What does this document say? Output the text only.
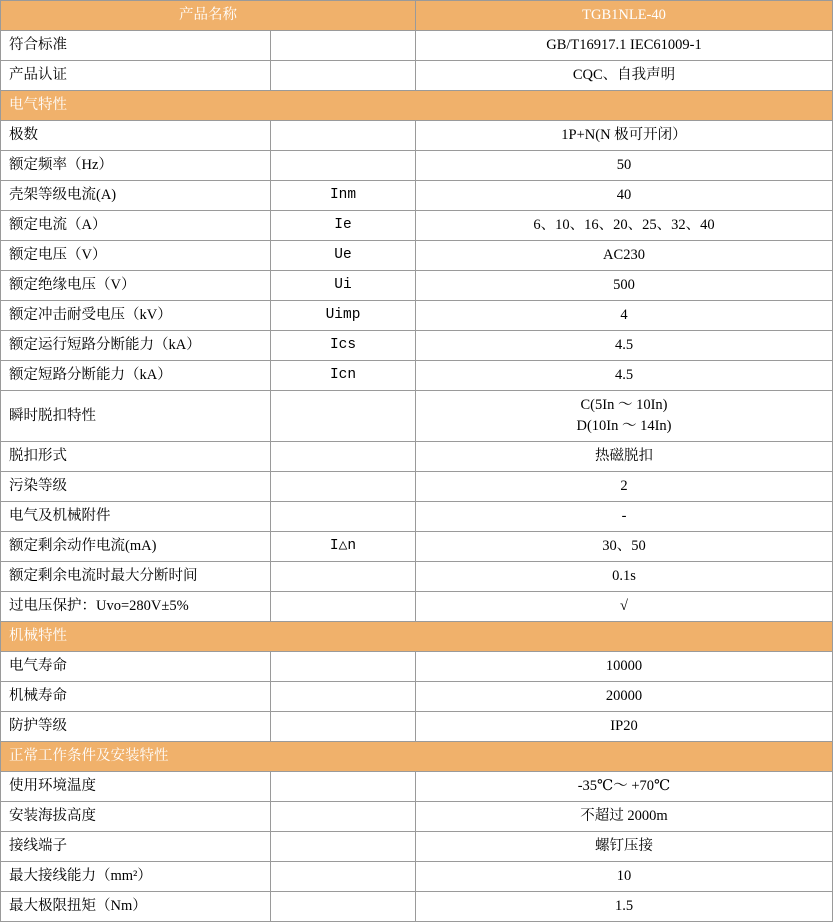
产品名称		TGB1NLE-40
符合标准		GB/T16917.1 IEC61009-1
产品认证		CQC、自我声明
电气特性		
极数		1P+N(N 极可开闭）
额定频率（Hz）		50
壳架等级电流(A)	Inm	40
额定电流（A）	Ie	6、10、16、20、25、32、40
额定电压（V）	Ue	AC230
额定绝缘电压（V）	Ui	500
额定冲击耐受电压（kV）	Uimp	4
额定运行短路分断能力（kA）	Ics	4.5
额定短路分断能力（kA）	Icn	4.5
瞬时脱扣特性		C(5In ～ 10In)
D(10In ～ 14In)

脱扣形式		热磁脱扣
污染等级		2
电气及机械附件		-
额定剩余动作电流(mA)	I△n	30、50
额定剩余电流时最大分断时间		0.1s
过电压保护：Uvo=280V±5%		√
机械特性		
电气寿命		10000
机械寿命		20000
防护等级		IP20
正常工作条件及安装特性		
使用环境温度		-35℃～ +70℃
安装海拔高度		不超过 2000m
接线端子		螺钉压接
最大接线能力（mm²）		10
最大极限扭矩（Nm）		1.5
